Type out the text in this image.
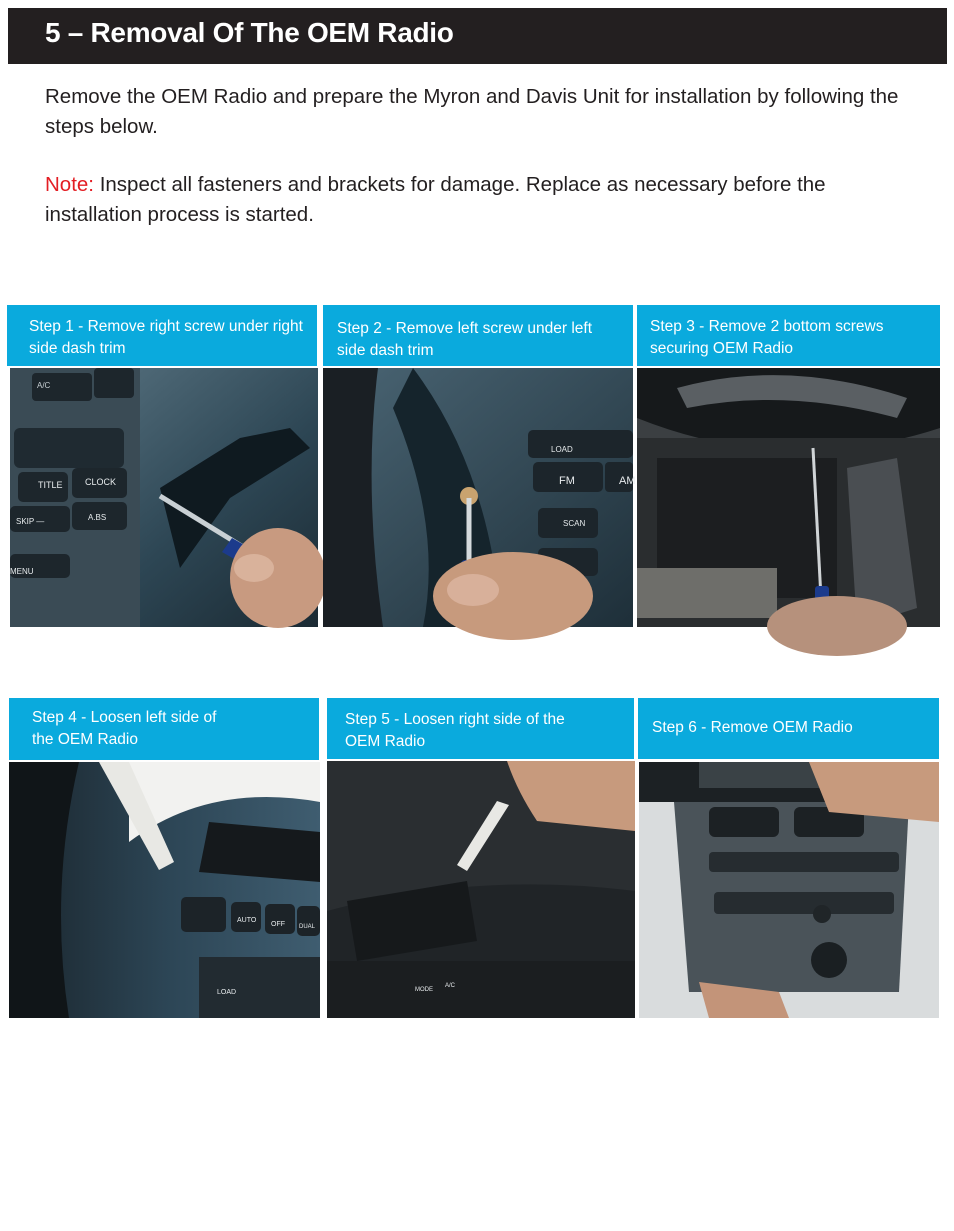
5 – Removal Of The OEM Radio
Remove the OEM Radio and prepare the Myron and Davis Unit for installation by following the steps below.
Note: Inspect all fasteners and brackets for damage. Replace as necessary before the installation process is started.
Step 1 - Remove right screw under right side dash trim
A/C
TITLE CLOCK
SKIP —	A.BS
MENU
Step 2 - Remove left screw under left side dash trim
LOAD
FM	AM
SCAN
Step 3 - Remove 2 bottom screws securing OEM Radio
Step 4 - Loosen left side of the OEM Radio
AUTO
OFF DUAL
LOAD
Step 5 - Loosen right side of the OEM Radio
MODE
A/C
Step 6 - Remove OEM Radio
